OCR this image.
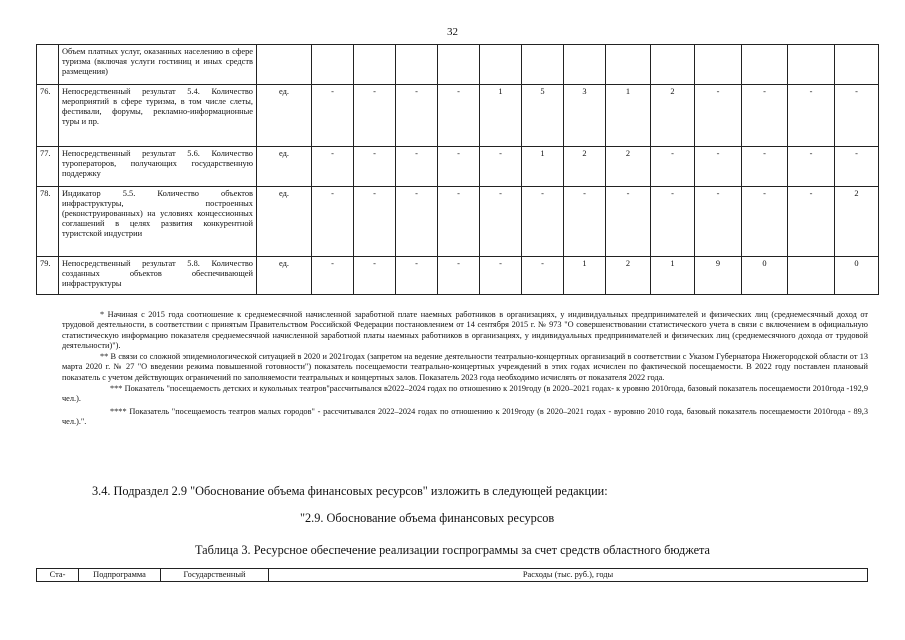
32
	Объем платных услуг, оказанных населению в сфере туризма (включая услуги гостиниц и иных средств размещения)														
76.	Непосредственный результат 5.4. Количество мероприятий в сфере туризма, в том числе слеты, фестивали, форумы, рекламно-информационные туры и пр.	ед.	-	-	-	-	1	5	3	1	2	-	-	-	-
77.	Непосредственный результат 5.6. Количество туроператоров, получающих государственную поддержку	ед.	-	-	-	-	-	1	2	2	-	-	-	-	-
78.	Индикатор 5.5. Количество объектов инфраструктуры, построенных (реконструированных) на условиях концессионных соглашений в целях развития конкурентной туристской индустрии	ед.	-	-	-	-	-	-	-	-	-	-	-	-	2
79.	Непосредственный результат 5.8. Количество созданных объектов обеспечивающей инфраструктуры	ед.	-	-	-	-	-	-	1	2	1	9	0		0

* Начиная с 2015 года соотношение к среднемесячной начисленной заработной плате наемных работников в организациях, у индивидуальных предпринимателей и физических лиц (среднемесячный доход от трудовой деятельности, в соответствии с принятым Правительством Российской Федерации постановлением от 14 сентября 2015 г. № 973 "О совершенствовании статистического учета в связи с включением в официальную статистическую информацию показателя среднемесячной начисленной заработной платы наемных работников в организациях, у индивидуальных предпринимателей и физических лиц (среднемесячного дохода от трудовой деятельности)").

** В связи со сложной эпидемиологической ситуацией в 2020 и 2021годах (запретом на ведение деятельности театрально-концертных организаций в соответствии с Указом Губернатора Нижегородской области от 13 марта 2020 г. № 27 "О введении режима повышенной готовности") показатель посещаемости театрально-концертных учреждений в этих годах исчислен по фактической посещаемости. В 2022 году поставлен плановый показатель с учетом действующих ограничений по заполняемости театральных и концертных залов. Показатель 2023 года необходимо исчислять от показателя 2022 года.

*** Показатель "посещаемость детских и кукольных театров"рассчитывался в2022–2024 годах по отношению к 2019году (в 2020–2021 годах- к уровню 2010года, базовый показатель посещаемости 2010года -192,9 чел.).

**** Показатель "посещаемость театров малых городов" - рассчитывался 2022–2024 годах по отношению к 2019году (в 2020–2021 годах - вуровню 2010 года, базовый показатель посещаемости 2010года - 89,3 чел.).".

3.4. Подраздел 2.9 "Обоснование объема финансовых ресурсов" изложить в следующей редакции:
"2.9. Обоснование объема финансовых ресурсов
Таблица 3. Ресурсное обеспечение реализации госпрограммы за счет средств областного бюджета
Ста-	Подпрограмма	Государственный	Расходы (тыс. руб.), годы
